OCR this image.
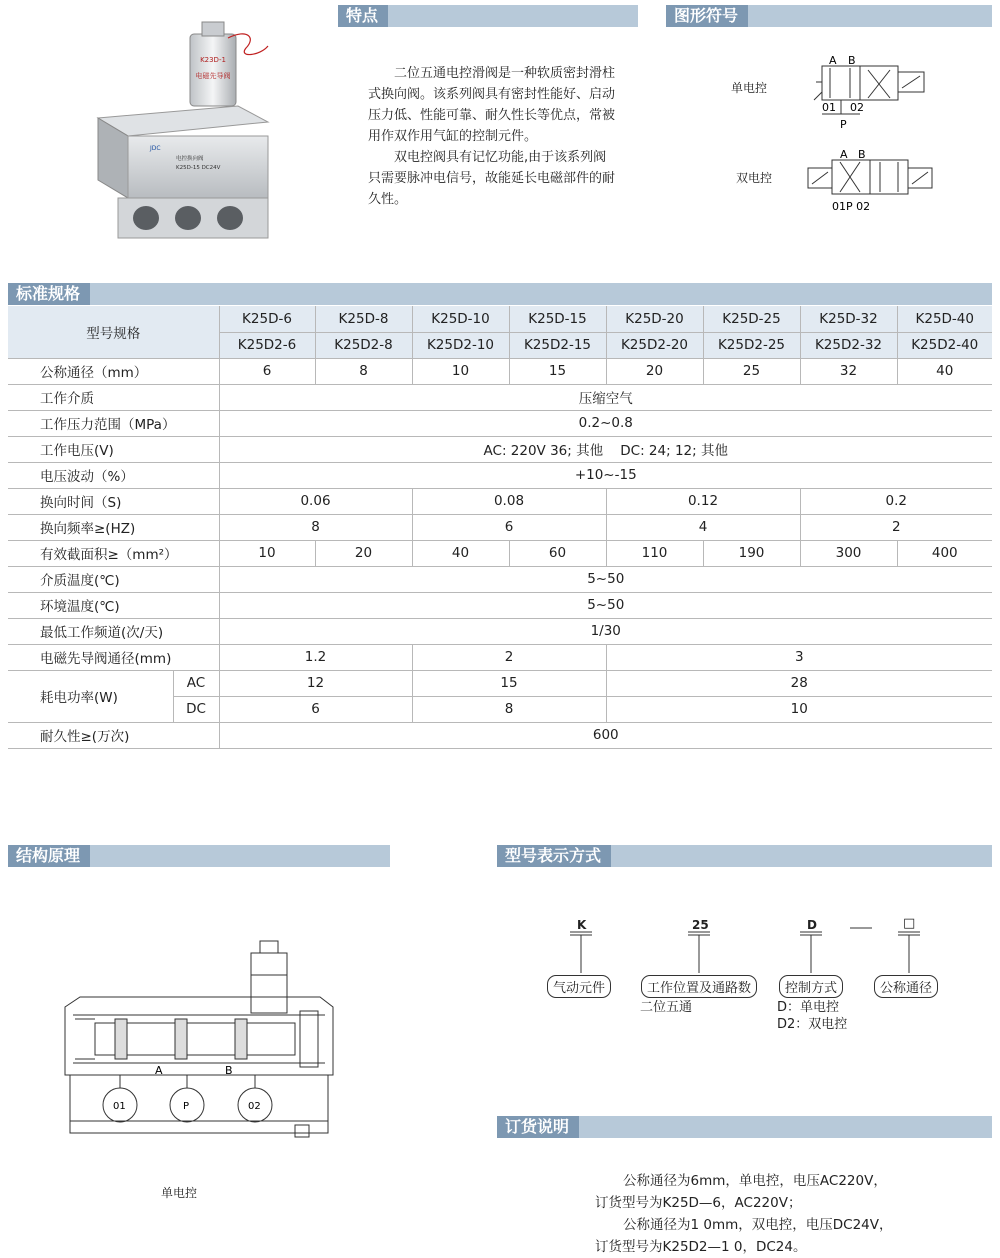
K23D-1
电磁先导阀
JDC
电控换向阀
K25D-15 DC24V
特点

二位五通电控滑阀是一种软质密封滑柱式换向阀。该系列阀具有密封性能好、启动压力低、性能可靠、耐久性长等优点，常被用作双作用气缸的控制元件。

双电控阀具有记忆功能,由于该系列阀只需要脉冲电信号，故能延长电磁部件的耐久性。

图形符号
单电控
双电控
A B
01 02
P
A B
01P 02
标准规格
型号规格		K25D-6	K25D-8	K25D-10	K25D-15	K25D-20	K25D-25	K25D-32	K25D-40
		K25D2-6	K25D2-8	K25D2-10	K25D2-15	K25D2-20	K25D2-25	K25D2-32	K25D2-40
公称通径（mm）		6	8	10	15	20	25	32	40
工作介质		压缩空气							
工作压力范围（MPa）		0.2~0.8							
工作电压(V)		AC: 220V 36; 其他    DC: 24; 12; 其他							
电压波动（%）		+10~-15							
换向时间（S)		0.06		0.08		0.12		0.2	
换向频率≥(HZ)		8		6		4		2	
有效截面积≥（mm²）		10	20	40	60	110	190	300	400
介质温度(℃)		5~50							
环境温度(℃)		5~50							
最低工作频道(次/天)		1/30							
电磁先导阀通径(mm)		1.2		2		3			
耗电功率(W)	AC	12		15		28			
	DC	6		8		10			
耐久性≥(万次)		600							
结构原理
A	B
01	P	02
单电控
型号表示方式
K	25	D	□
气动元件	工作位置及通路数
二位五通
控制方式
D：单电控
D2：双电控
公称通径
订货说明
公称通径为6mm，单电控，电压AC220V，
订货型号为K25D—6，AC220V；
公称通径为1 0mm，双电控，电压DC24V，
订货型号为K25D2—1 0，DC24。
